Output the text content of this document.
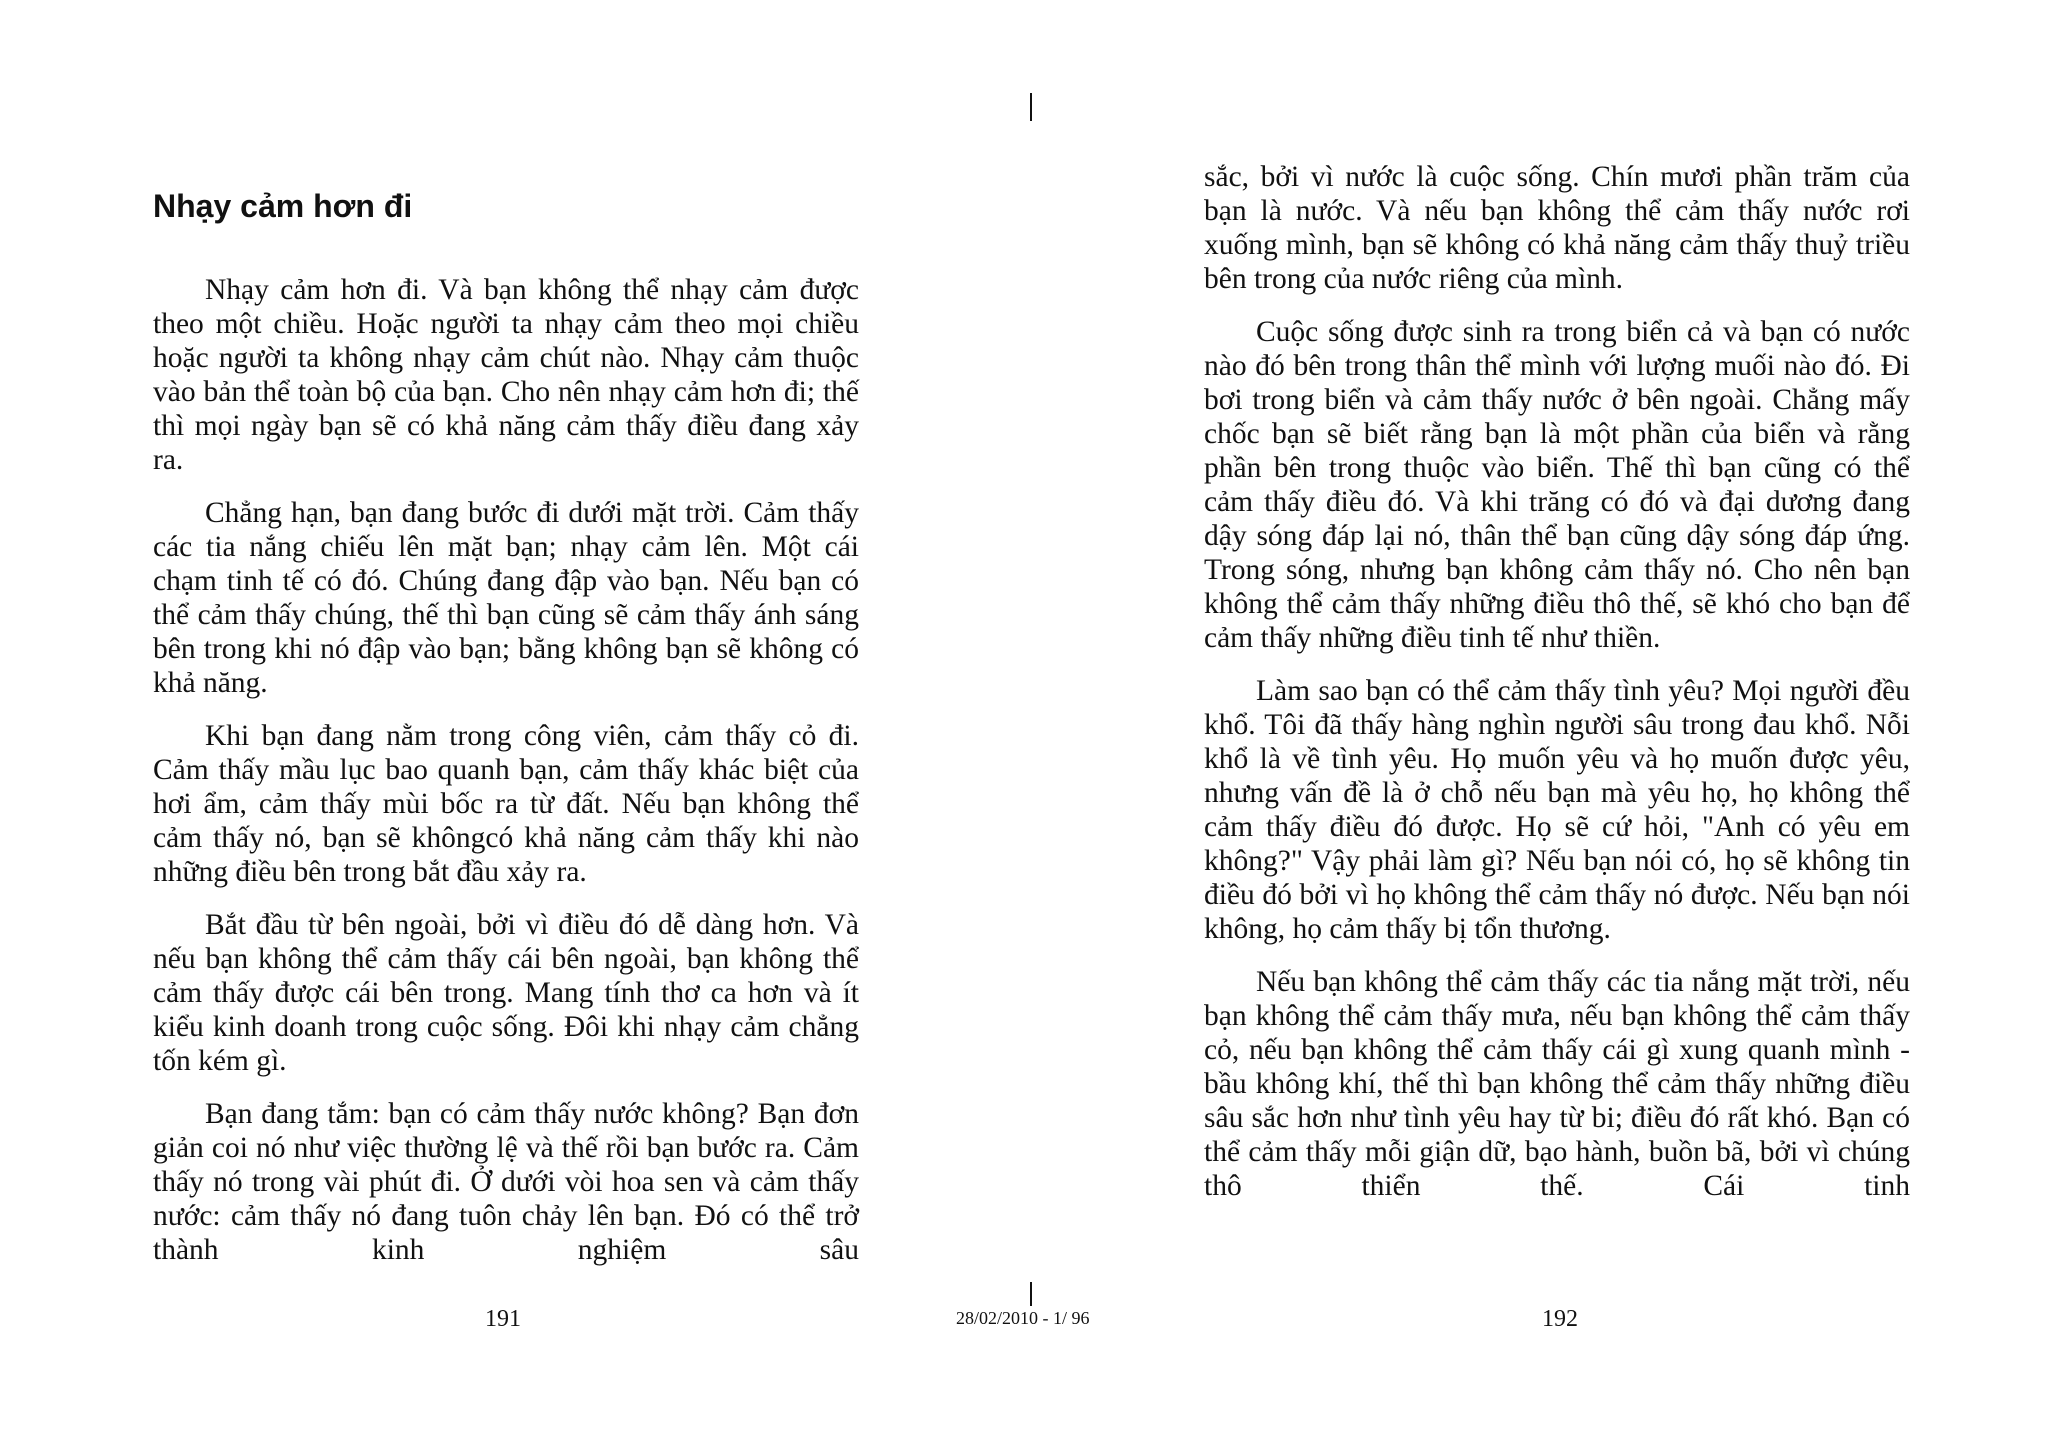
Nhạy cảm hơn đi

Nhạy cảm hơn đi. Và bạn không thể nhạy cảm được theo một chiều. Hoặc người ta nhạy cảm theo mọi chiều hoặc người ta không nhạy cảm chút nào. Nhạy cảm thuộc vào bản thể toàn bộ của bạn. Cho nên nhạy cảm hơn đi; thế thì mọi ngày bạn sẽ có khả năng cảm thấy điều đang xảy ra.

Chẳng hạn, bạn đang bước đi dưới mặt trời. Cảm thấy các tia nắng chiếu lên mặt bạn; nhạy cảm lên. Một cái chạm tinh tế có đó. Chúng đang đập vào bạn. Nếu bạn có thể cảm thấy chúng, thế thì bạn cũng sẽ cảm thấy ánh sáng bên trong khi nó đập vào bạn; bằng không bạn sẽ không có khả năng.

Khi bạn đang nằm trong công viên, cảm thấy cỏ đi. Cảm thấy mầu lục bao quanh bạn, cảm thấy khác biệt của hơi ẩm, cảm thấy mùi bốc ra từ đất. Nếu bạn không thể cảm thấy nó, bạn sẽ khôngcó khả năng cảm thấy khi nào những điều bên trong bắt đầu xảy ra.

Bắt đầu từ bên ngoài, bởi vì điều đó dễ dàng hơn. Và nếu bạn không thể cảm thấy cái bên ngoài, bạn không thể cảm thấy được cái bên trong. Mang tính thơ ca hơn và ít kiểu kinh doanh trong cuộc sống. Đôi khi nhạy cảm chẳng tốn kém gì.

Bạn đang tắm: bạn có cảm thấy nước không? Bạn đơn giản coi nó như việc thường lệ và thế rồi bạn bước ra. Cảm thấy nó trong vài phút đi. Ở dưới vòi hoa sen và cảm thấy nước: cảm thấy nó đang tuôn chảy lên bạn. Đó có thể trở thành kinh nghiệm sâu

sắc, bởi vì nước là cuộc sống. Chín mươi phần trăm của bạn là nước. Và nếu bạn không thể cảm thấy nước rơi xuống mình, bạn sẽ không có khả năng cảm thấy thuỷ triều bên trong của nước riêng của mình.

Cuộc sống được sinh ra trong biển cả và bạn có nước nào đó bên trong thân thể mình với lượng muối nào đó. Đi bơi trong biển và cảm thấy nước ở bên ngoài. Chẳng mấy chốc bạn sẽ biết rằng bạn là một phần của biển và rằng phần bên trong thuộc vào biển. Thế thì bạn cũng có thể cảm thấy điều đó. Và khi trăng có đó và đại dương đang dậy sóng đáp lại nó, thân thể bạn cũng dậy sóng đáp ứng. Trong sóng, nhưng bạn không cảm thấy nó. Cho nên bạn không thể cảm thấy những điều thô thế, sẽ khó cho bạn để cảm thấy những điều tinh tế như thiền.

Làm sao bạn có thể cảm thấy tình yêu? Mọi người đều khổ. Tôi đã thấy hàng nghìn người sâu trong đau khổ. Nỗi khổ là về tình yêu. Họ muốn yêu và họ muốn được yêu, nhưng vấn đề là ở chỗ nếu bạn mà yêu họ, họ không thể cảm thấy điều đó được. Họ sẽ cứ hỏi, "Anh có yêu em không?" Vậy phải làm gì? Nếu bạn nói có, họ sẽ không tin điều đó bởi vì họ không thể cảm thấy nó được. Nếu bạn nói không, họ cảm thấy bị tổn thương.

Nếu bạn không thể cảm thấy các tia nắng mặt trời, nếu bạn không thể cảm thấy mưa, nếu bạn không thể cảm thấy cỏ, nếu bạn không thể cảm thấy cái gì xung quanh mình - bầu không khí, thế thì bạn không thể cảm thấy những điều sâu sắc hơn như tình yêu hay từ bi; điều đó rất khó. Bạn có thể cảm thấy mỗi giận dữ, bạo hành, buồn bã, bởi vì chúng thô thiển thế. Cái tinh

191	28/02/2010 - 1/ 96	192
